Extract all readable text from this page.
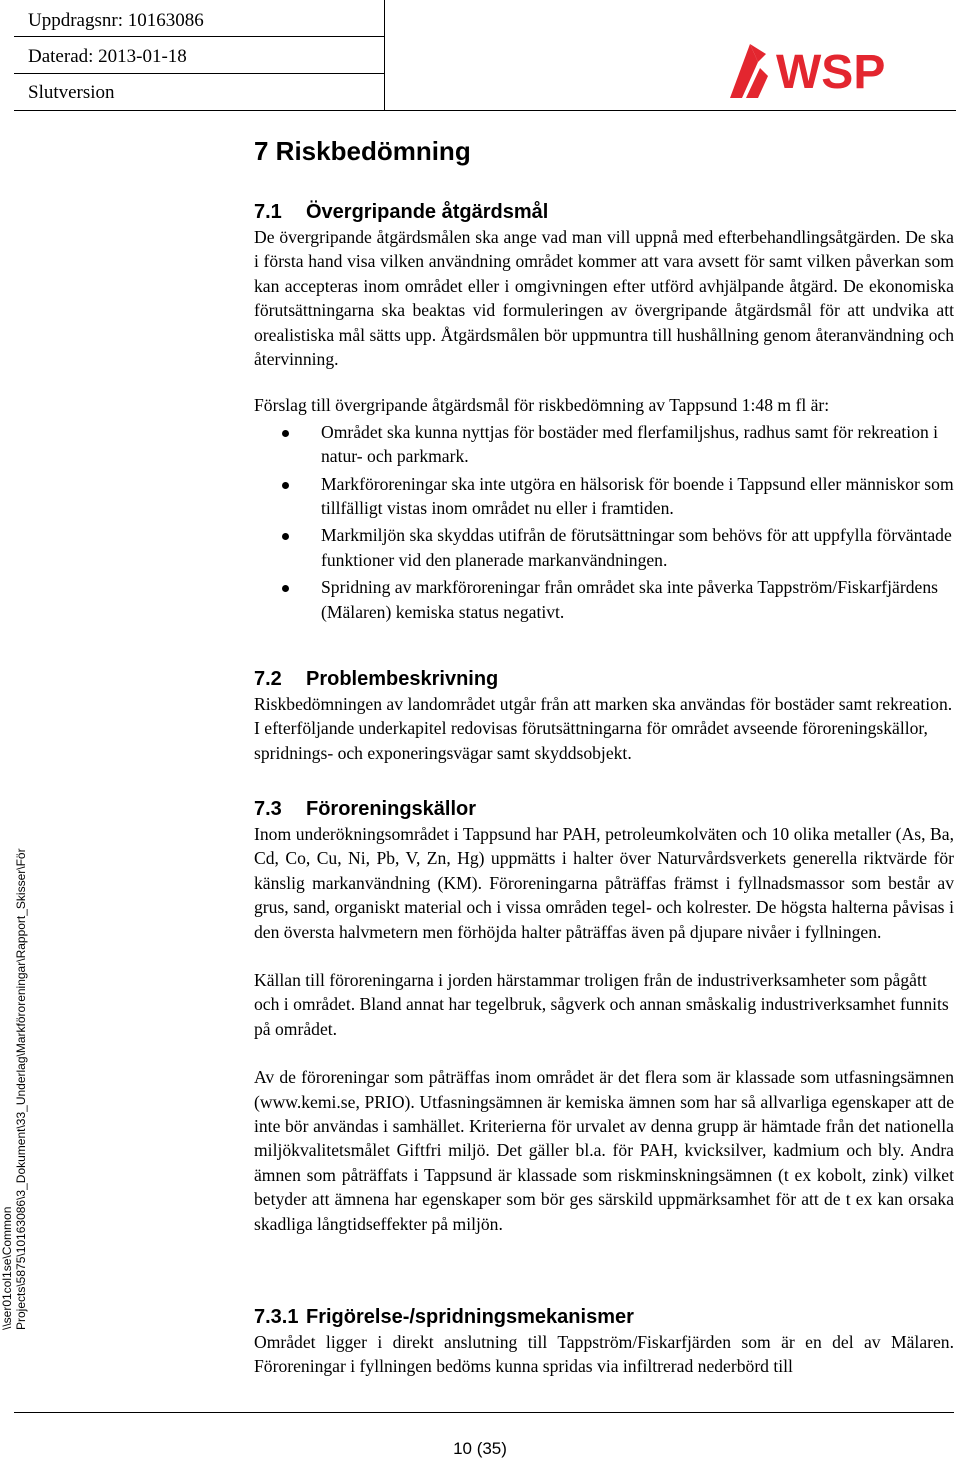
Uppdragsnr: 10163086
Daterad: 2013-01-18
Slutversion	WSP
7 Riskbedömning
7.1 Övergripande åtgärdsmål

De övergripande åtgärdsmålen ska ange vad man vill uppnå med efterbehandlingsåtgärden. De ska i första hand visa vilken användning området kommer att vara avsett för samt vilken påverkan som kan accepteras inom området eller i omgivningen efter utförd avhjälpande åtgärd. De ekonomiska förutsättningarna ska beaktas vid formuleringen av övergripande åtgärdsmål för att undvika att orealistiska mål sätts upp. Åtgärdsmålen bör uppmuntra till hushållning genom återanvändning och återvinning.

Förslag till övergripande åtgärdsmål för riskbedömning av Tappsund 1:48 m fl är:

Området ska kunna nyttjas för bostäder med flerfamiljshus, radhus samt för rekreation i natur- och parkmark.
Markföroreningar ska inte utgöra en hälsorisk för boende i Tappsund eller människor som tillfälligt vistas inom området nu eller i framtiden.
Markmiljön ska skyddas utifrån de förutsättningar som behövs för att uppfylla förväntade funktioner vid den planerade markanvändningen.
Spridning av markföroreningar från området ska inte påverka Tappström/Fiskarfjärdens (Mälaren) kemiska status negativt.
7.2 Problembeskrivning

Riskbedömningen av landområdet utgår från att marken ska användas för bostäder samt rekreation. I efterföljande underkapitel redovisas förutsättningarna för området avseende föroreningskällor, spridnings- och exponeringsvägar samt skyddsobjekt.

7.3 Föroreningskällor

Inom underökningsområdet i Tappsund har PAH, petroleumkolväten och 10 olika metaller (As, Ba, Cd, Co, Cu, Ni, Pb, V, Zn, Hg) uppmätts i halter över Naturvårdsverkets generella riktvärde för känslig markanvändning (KM). Föroreningarna påträffas främst i fyllnadsmassor som består av grus, sand, organiskt material och i vissa områden tegel- och kolrester. De högsta halterna påvisas i den översta halvmetern men förhöjda halter påträffas även på djupare nivåer i fyllningen.

Källan till föroreningarna i jorden härstammar troligen från de industriverksamheter som pågått och i området. Bland annat har tegelbruk, sågverk och annan småskalig industriverksamhet funnits på området.

Av de föroreningar som påträffas inom området är det flera som är klassade som utfasningsämnen (www.kemi.se, PRIO). Utfasningsämnen är kemiska ämnen som har så allvarliga egenskaper att de inte bör användas i samhället. Kriterierna för urvalet av denna grupp är hämtade från det nationella miljökvalitetsmålet Giftfri miljö. Det gäller bl.a. för PAH, kvicksilver, kadmium och bly. Andra ämnen som påträffats i Tappsund är klassade som riskminskningsämnen (t ex kobolt, zink) vilket betyder att ämnena har egenskaper som bör ges särskild uppmärksamhet för att de t ex kan orsaka skadliga långtidseffekter på miljön.

7.3.1 Frigörelse-/spridningsmekanismer

Området ligger i direkt anslutning till Tappström/Fiskarfjärden som är en del av Mälaren. Föroreningar i fyllningen bedöms kunna spridas via infiltrerad nederbörd till

\\ser01col1se\Common Projects\5875\10163086\3_Dokument\33_Underlag\Markföroreningar\Rapport_Skisser\För
10 (35)
